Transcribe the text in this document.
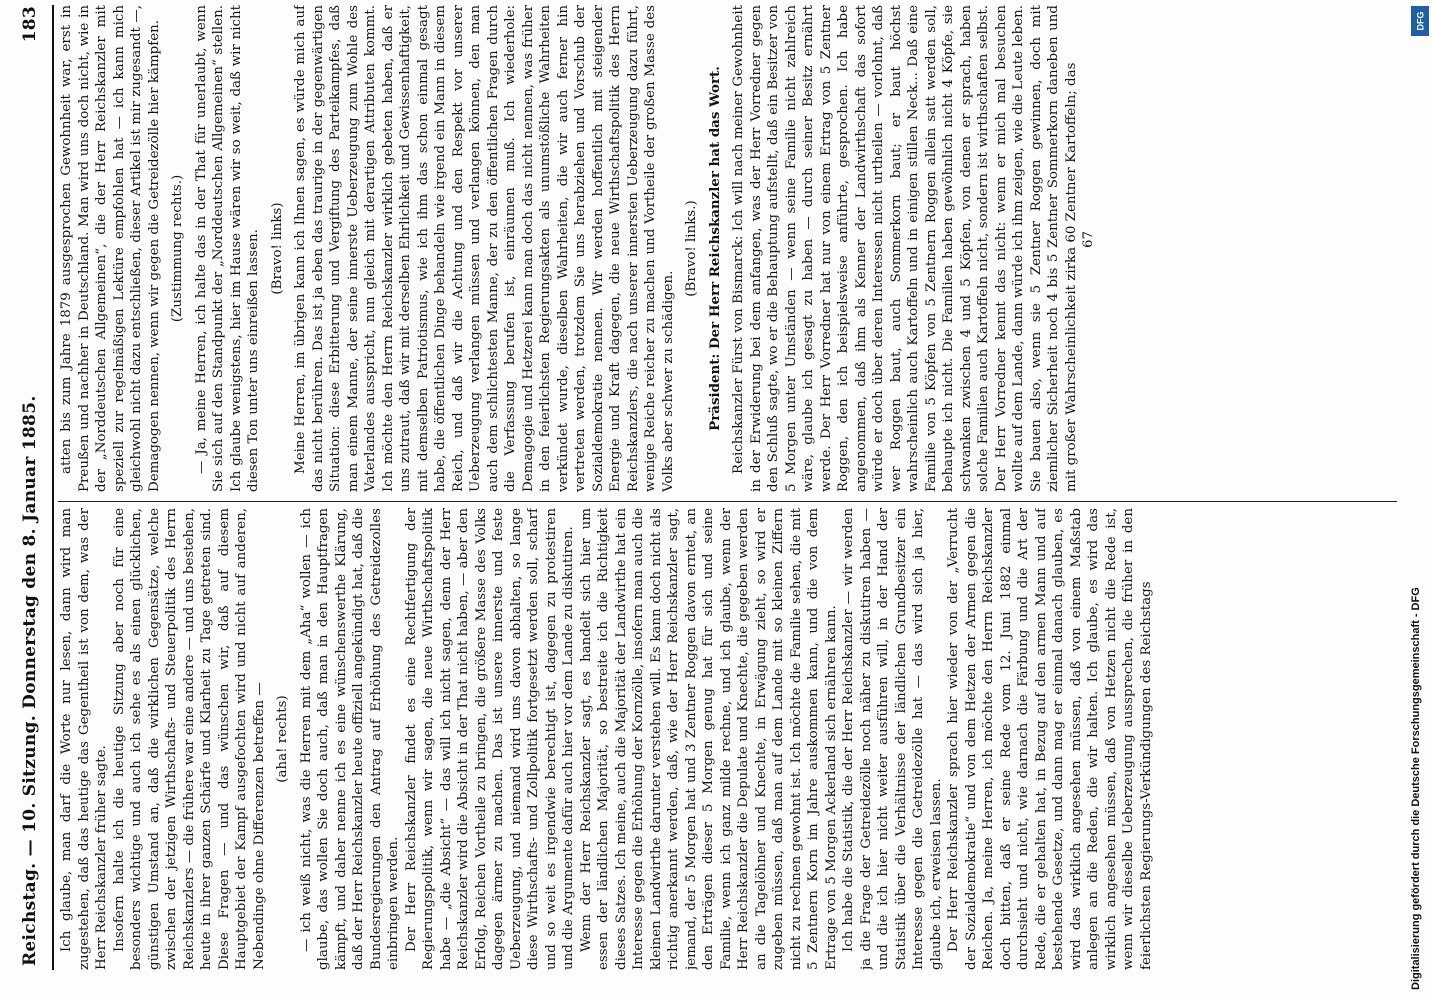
Reichstag. — 10. Sitzung. Donnerstag den 8. Januar 1885.
183

Ich glaube, man darf die Worte nur lesen, dann wird man zugestehen, daß das heutige das Gegentheil ist von dem, was der Herr Reichskanzler früher sagte. Insofern halte ich die heutige Sitzung aber noch für eine besonders wichtige und auch ich sehe es als einen glücklichen, günstigen Umstand an, daß die wirklichen Gegensätze, welche zwischen der jetzigen Wirthschafts- und Steuerpolitik des Herrn Reichskanzlers — die frühere war eine andere — und uns bestehen, heute in ihrer ganzen Schärfe und Klarheit zu Tage getreten sind. Diese Fragen — und das wünschen wir, daß auf diesem Hauptgebiet der Kampf ausgefochten wird und nicht auf anderen, Nebendinge ohne Differenzen betreffen — (aha! rechts) — ich weiß nicht, was die Herren mit dem „Aha“ wollen — ich glaube, das wollen Sie doch auch, daß man in den Hauptfragen kämpft, und daher nenne ich es eine wünschenswerthe Klärung, daß der Herr Reichskanzler heute offiziell angekündigt hat, daß die Bundesregierungen den Antrag auf Erhöhung des Getreidezolles einbringen werden. Der Herr Reichskanzler findet es eine Rechtfertigung der Regierungspolitik, wenn wir sagen, die neue Wirthschaftspolitik habe — „die Absicht“ — das will ich nicht sagen, denn der Herr Reichskanzler wird die Absicht in der That nicht haben, — aber den Erfolg, Reichen Vortheile zu bringen, die größere Masse des Volks dagegen ärmer zu machen. Das ist unsere innerste und feste Ueberzeugung, und niemand wird uns davon abhalten, so lange diese Wirthschafts- und Zollpolitik fortgesetzt werden soll, scharf und so weit es irgendwie berechtigt ist, dagegen zu protestiren und die Argumente dafür auch hier vor dem Lande zu diskutiren. Wenn der Herr Reichskanzler sagt, es handelt sich hier um essen der ländlichen Majorität, so bestreite ich die Richtigkeit dieses Satzes. Ich meine, auch die Majorität der Landwirthe hat ein Interesse gegen die Erhöhung der Kornzölle, insofern man auch die kleinen Landwirthe darunter verstehen will. Es kann doch nicht als richtig anerkannt werden, daß, wie der Herr Reichskanzler sagt, jemand, der 5 Morgen hat und 3 Zentner Roggen davon erntet, an den Erträgen dieser 5 Morgen genug hat für sich und seine Familie, wenn ich ganz milde rechne, und ich glaube, wenn der Herr Reichskanzler die Depulate und Knechte, die gegeben werden an die Tagelöhner und Knechte, in Erwägung zieht, so wird er zugeben müssen, daß man auf dem Lande mit so kleinen Ziffern nicht zu rechnen gewohnt ist. Ich möchte die Familie sehen, die mit 5 Zentnern Korn im Jahre auskommen kann, und die von dem Ertrage von 5 Morgen Ackerland sich ernähren kann. Ich habe die Statistik, die der Herr Reichskanzler — wir werden ja die Frage der Getreidezölle noch näher zu diskutiren haben — und die ich hier nicht weiter ausführen will, in der Hand der Statistik über die Verhältnisse der ländlichen Grundbesitzer ein Interesse gegen die Getreidezölle hat — das wird sich ja hier, glaube ich, erweisen lassen. Der Herr Reichskanzler sprach hier wieder von der „Verrucht der Sozialdemokratie“ und von dem Hetzen der Armen gegen die Reichen. Ja, meine Herren, ich möchte den Herrn Reichskanzler doch bitten, daß er seine Rede vom 12. Juni 1882 einmal durchsieht und nicht, wie darnach die Färbung und die Art der Rede, die er gehalten hat, in Bezug auf den armen Mann und auf bestehende Gesetze, und dann mag er einmal danach glauben, es wird das wirklich angesehen müssen, daß von einem Maßstab anlegen an die Reden, die wir halten. Ich glaube, es wird das wirklich angesehen müssen, daß von Hetzen nicht die Rede ist, wenn wir dieselbe Ueberzeugung aussprechen, die früher in den feierlichsten Regierungs-Verkündigungen des Reichstags

atten bis zum Jahre 1879 ausgesprochen Gewohnheit war, erst in Preußen und nachher in Deutschland. Man wird uns doch nicht, wie in der „Norddeutschen Allgemeinen“, die der Herr Reichskanzler mit speziell zur regelmäßigen Lektüre empfohlen hat — ich kann mich gleichwohl nicht dazu entschließen, dieser Artikel ist mir zugesandt —, Demagogen nennen, wenn wir gegen die Getreidezölle hier kämpfen. (Zustimmung rechts.) — Ja, meine Herren, ich halte das in der That für unerlaubt, wenn Sie sich auf den Standpunkt der „Norddeutschen Allgemeinen“ stellen. Ich glaube wenigstens, hier im Hause wären wir so weit, daß wir nicht diesen Ton unter uns einreißen lassen. (Bravo! links) Meine Herren, im übrigen kann ich Ihnen sagen, es würde mich auf das nicht berühren. Das ist ja eben das traurige in der gegenwärtigen Situation: diese Erbitterung und Vergiftung des Parteikampfes, daß man einem Manne, der seine innerste Ueberzeugung zum Wohle des Vaterlandes ausspricht, nun gleich mit derartigen Attributen kommt. Ich möchte den Herrn Reichskanzler wirklich gebeten haben, daß er uns zutraut, daß wir mit derselben Ehrlichkeit und Gewissenhaftigkeit, mit demselben Patriotismus, wie ich ihm das schon einmal gesagt habe, die öffentlichen Dinge behandeln wie irgend ein Mann in diesem Reich, und daß wir die Achtung und den Respekt vor unserer Ueberzeugung verlangen müssen und verlangen können, den man auch dem schlichtesten Manne, der zu den öffentlichen Fragen durch die Verfassung berufen ist, einräumen muß. Ich wiederhole: Demagogie und Hetzerei kann man doch das nicht nennen, was früher in den feierlichsten Regierungsakten als unumstößliche Wahrheiten verkündet wurde, dieselben Wahrheiten, die wir auch ferner hin vertreten werden, trotzdem Sie uns herabziehen und Vorschub der Sozialdemokratie nennen. Wir werden hoffentlich mit steigender Energie und Kraft dagegen, die neue Wirthschaftspolitik des Herrn Reichskanzlers, die nach unserer innersten Ueberzeugung dazu führt, wenige Reiche reicher zu machen und Vortheile der großen Masse des Volks aber schwer zu schädigen.

(Bravo! links.) Präsident: Der Herr Reichskanzler hat das Wort. Reichskanzler Fürst von Bismarck: Ich will nach meiner Gewohnheit in der Erwiderung bei dem anfangen, was der Herr Vorredner gegen den Schluß sagte, wo er die Behauptung aufstellt, daß ein Besitzer von 5 Morgen unter Umständen — wenn seine Familie nicht zahlreich wäre, glaube ich gesagt zu haben — durch seiner Besitz ernährt werde. Der Herr Vorredner hat nur von einem Ertrag von 5 Zentner Roggen, den ich beispielsweise anführte, gesprochen. Ich habe angenommen, daß ihm als Kenner der Landwirthschaft das sofort würde er doch über deren Interessen nicht urtheilen — vorlohnt, daß wer Roggen baut, auch Sommerkorn baut; er baut höchst wahrscheinlich auch Kartoffeln und in einigen stillen Neck... Daß eine Familie von 5 Köpfen von 5 Zentnern Roggen allein satt werden soll, behaupte ich nicht. Die Familien haben gewöhnlich nicht 4 Köpfe, sie schwanken zwischen 4 und 5 Köpfen, von denen er sprach, haben solche Familien auch Kartoffeln nicht, sondern ist wirthschaften selbst. Der Herr Vorredner kennt das nicht: wenn er mich mal besuchen wollte auf dem Lande, dann würde ich ihm zeigen, wie die Leute leben. Sie bauen also, wenn sie 5 Zentner Roggen gewinnen, doch mit ziemlicher Sicherheit noch 4 bis 5 Zentner Sommerkorn daneben und mit großer Wahrscheinlichkeit zirka 60 Zentner Kartoffeln; das 67

DFG
Digitalisierung gefördert durch die Deutsche Forschungsgemeinschaft - DFG
